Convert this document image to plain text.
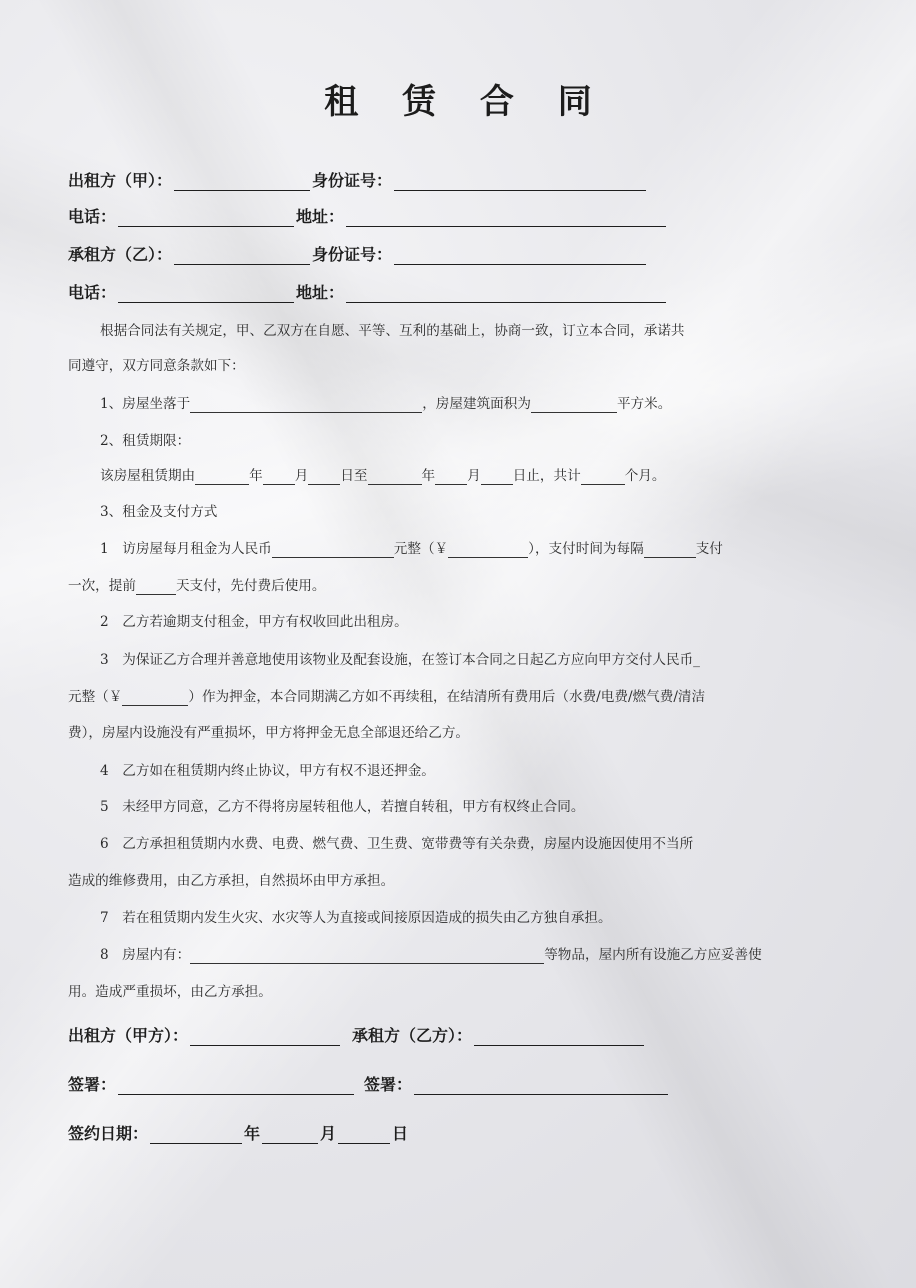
租 赁 合 同
出租方（甲）：	身份证号：
电话：	地址：
承租方（乙）：	身份证号：
电话：	地址：
根据合同法有关规定，甲、乙双方在自愿、平等、互利的基础上，协商一致，订立本合同，承诺共
同遵守，双方同意条款如下：
1、房屋坐落于	，房屋建筑面积为	平方米。
2、租赁期限：
该房屋租赁期由	年 月 日至	年 月 日止，共计	个月。
3、租金及支付方式
1　访房屋每月租金为人民币	元整（￥	），支付时间为每隔	支付
一次，提前	天支付，先付费后使用。
2　乙方若逾期支付租金，甲方有权收回此出租房。
3　为保证乙方合理并善意地使用该物业及配套设施，在签订本合同之日起乙方应向甲方交付人民币_
元整（￥	）作为押金，本合同期满乙方如不再续租，在结清所有费用后（水费/电费/燃气费/清洁
费），房屋内设施没有严重损坏，甲方将押金无息全部退还给乙方。
4　乙方如在租赁期内终止协议，甲方有权不退还押金。
5　未经甲方同意，乙方不得将房屋转租他人，若擅自转租，甲方有权终止合同。
6　乙方承担租赁期内水费、电费、燃气费、卫生费、宽带费等有关杂费，房屋内设施因使用不当所
造成的维修费用，由乙方承担，自然损坏由甲方承担。
7　若在租赁期内发生火灾、水灾等人为直接或间接原因造成的损失由乙方独自承担。
8　房屋内有：	等物品，屋内所有设施乙方应妥善使
用。造成严重损坏，由乙方承担。
出租方（甲方）：	承租方（乙方）：
签署：	签署：
签约日期：	年	月	日
